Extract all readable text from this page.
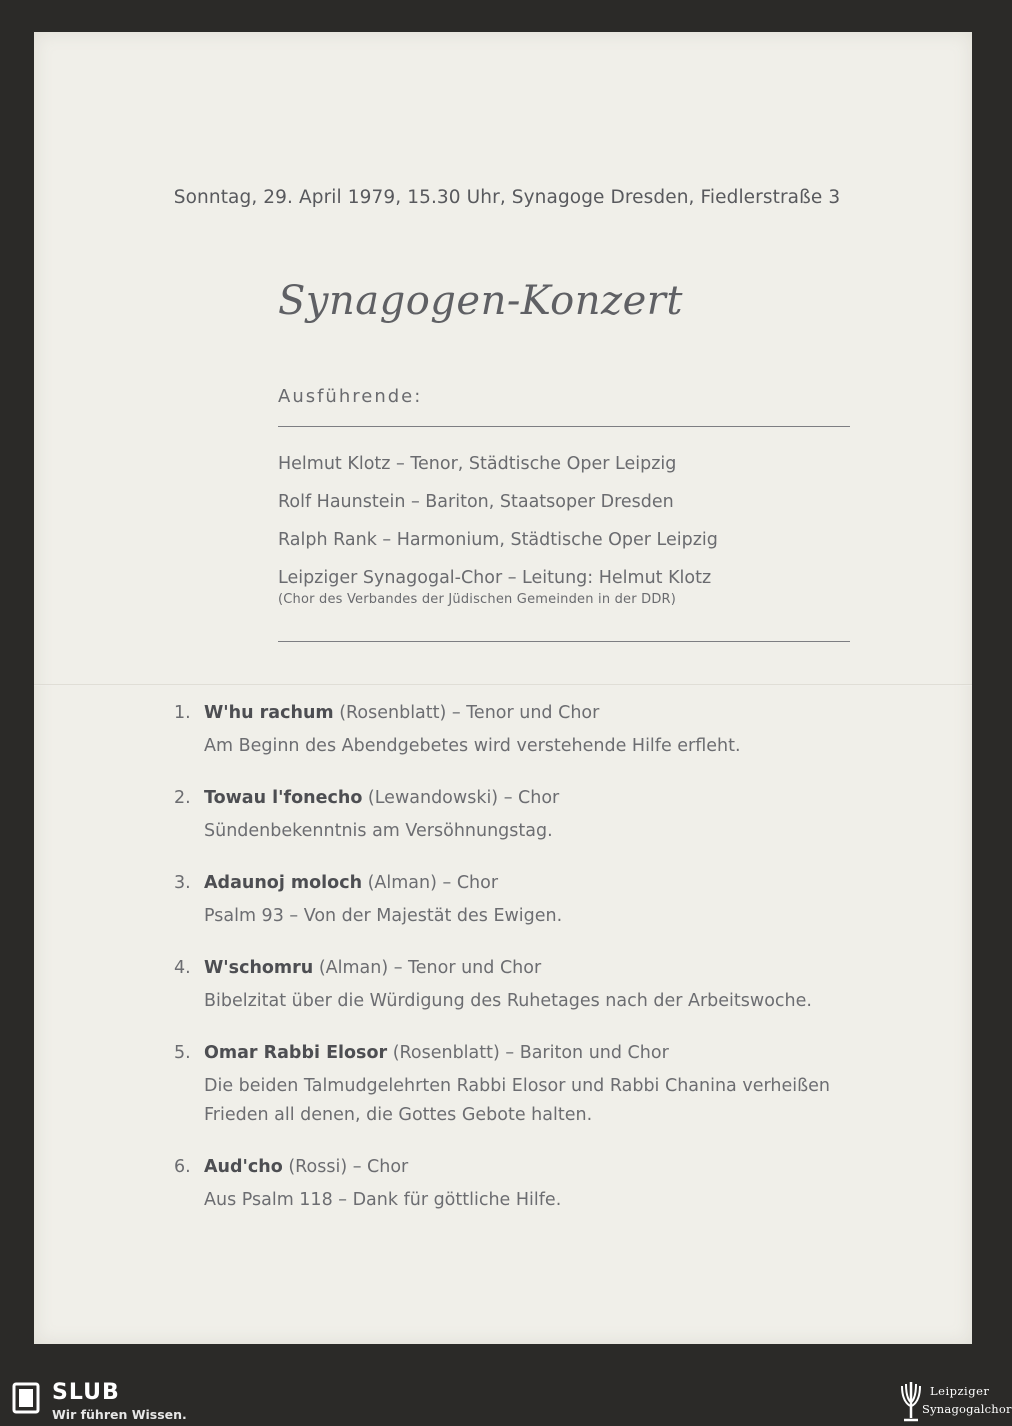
Sonntag, 29. April 1979, 15.30 Uhr, Synagoge Dresden, Fiedlerstraße 3
Synagogen-Konzert
Ausführende:
Helmut Klotz – Tenor, Städtische Oper Leipzig
Rolf Haunstein – Bariton, Staatsoper Dresden
Ralph Rank – Harmonium, Städtische Oper Leipzig
Leipziger Synagogal-Chor – Leitung: Helmut Klotz
(Chor des Verbandes der Jüdischen Gemeinden in der DDR)
1. W'hu rachum (Rosenblatt) – Tenor und Chor
Am Beginn des Abendgebetes wird verstehende Hilfe erfleht.
2. Towau l'fonecho (Lewandowski) – Chor
Sündenbekenntnis am Versöhnungstag.
3. Adaunoj moloch (Alman) – Chor
Psalm 93 – Von der Majestät des Ewigen.
4. W'schomru (Alman) – Tenor und Chor
Bibelzitat über die Würdigung des Ruhetages nach der Arbeitswoche.
5. Omar Rabbi Elosor (Rosenblatt) – Bariton und Chor
Die beiden Talmudgelehrten Rabbi Elosor und Rabbi Chanina verheißen Frieden all denen, die Gottes Gebote halten.
6. Aud'cho (Rossi) – Chor
Aus Psalm 118 – Dank für göttliche Hilfe.
SLUB
Wir führen Wissen.
Leipziger
Synagogalchor
